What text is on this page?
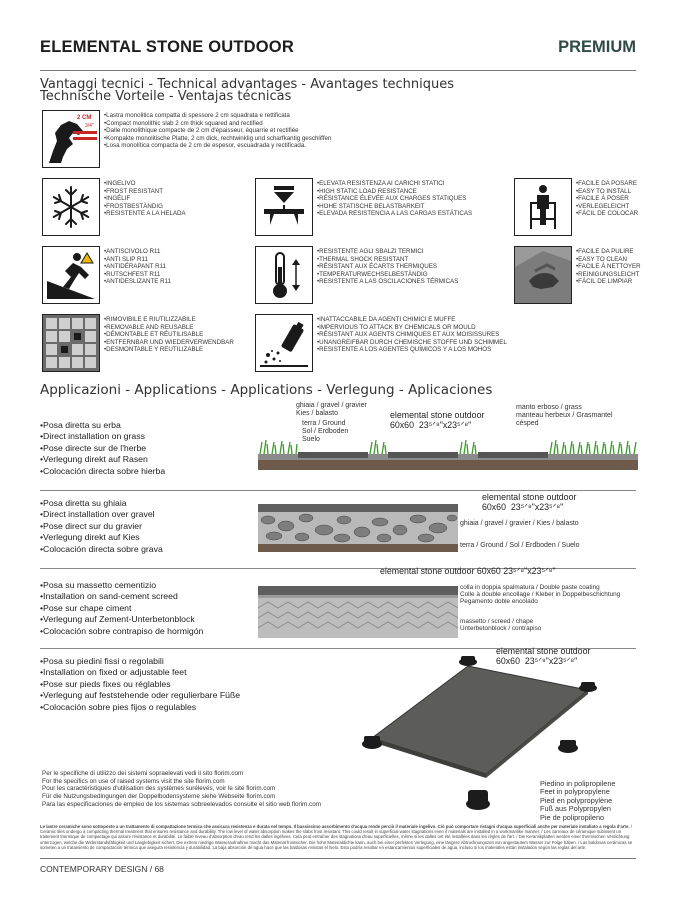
ELEMENTAL STONE OUTDOOR	PREMIUM
Vantaggi tecnici - Technical advantages - Avantages techniques
Technische Vorteile - Ventajas técnicas
2 CM
3/4"
• Lastra monolitica compatta di spessore 2 cm squadrata e rettificata
• Compact monolithic slab 2 cm thick squared and rectified
• Dalle monolithique compacte de 2 cm d'épaisseur, équarrie et rectifiée
• Kompakte monolitische Platte, 2 cm dick, rechtwinklig und scharfkantig geschliffen
• Losa monolítica compacta de 2 cm de espesor, escuadrada y rectificada.
• INGELIVO
• FROST RESISTANT
• INGÉLIF
• FROSTBESTÄNDIG
• RESISTENTE A LA HELADA
• ELEVATA RESISTENZA AI CARICHI STATICI
• HIGH STATIC LOAD RESISTANCE
• RÉSISTANCE ÉLEVÉE AUX CHARGES STATIQUES
• HOHE STATISCHE BELASTBARKEIT
• ELEVADA RESISTENCIA A LAS CARGAS ESTÁTICAS
• FACILE DA POSARE
• EASY TO INSTALL
• FACILE À POSER
• VERLEGELEICHT
• FÁCIL DE COLOCAR
• ANTISCIVOLO R11
• ANTI SLIP R11
• ANTIDÉRAPANT R11
• RUTSCHFEST R11
• ANTIDESLIZANTE R11
• RESISTENTE AGLI SBALZI TERMICI
• THERMAL SHOCK RESISTANT
• RÉSISTANT AUX ÉCARTS THERMIQUES
• TEMPERATURWECHSELBESTÄNDIG
• RESISTENTE A LAS OSCILACIONES TÉRMICAS
• FACILE DA PULIRE
• EASY TO CLEAN
• FACILE À NETTOYER
• REINIGUNGSLEICHT
• FÁCIL DE LIMPIAR
• RIMOVIBILE E RIUTILIZZABILE
• REMOVABLE AND REUSABLE
• DÉMONTABLE ET RÉUTILISABLE
• ENTFERNBAR UND WIEDERVERWENDBAR
• DESMONTABLE Y REUTILIZABLE
• INATTACCABILE DA AGENTI CHIMICI E MUFFE
• IMPERVIOUS TO ATTACK BY CHEMICALS OR MOULD
• RÉSISTANT AUX AGENTS CHIMIQUES ET AUX MOISISSURES
• UNANGREIFBAR DURCH CHEMISCHE STOFFE UND SCHIMMEL
• RESISTENTE A LOS AGENTES QUÍMICOS Y A LOS MOHOS
Applicazioni - Applications - Applications - Verlegung - Aplicaciones
• Posa diretta su erba
• Direct installation on grass
• Pose directe sur de l'herbe
• Verlegung direkt auf Rasen
• Colocación directa sobre hierba
ghiaia / gravel / gravier
Kies / balasto
terra / Ground
Sol / Erdboden
Suelo
elemental stone outdoor
60x60 23⁵ᐟ⁸"x23⁵ᐟ⁸"
manto erboso / grass
manteau herbeux / Grasmantel
césped
• Posa diretta su ghiaia
• Direct installation over gravel
• Pose direct sur du gravier
• Verlegung direkt auf Kies
• Colocación directa sobre grava
elemental stone outdoor
60x60 23⁵ᐟ⁸"x23⁵ᐟ⁸"
ghiaia / gravel / gravier / Kies / balasto
terra / Ground / Sol / Erdboden / Suelo
• Posa su massetto cementizio
• Installation on sand-cement screed
• Pose sur chape ciment
• Verlegung auf Zement-Unterbetonblock
• Colocación sobre contrapiso de hormigón
elemental stone outdoor 60x60 23⁵ᐟ⁸"x23⁵ᐟ⁸"
colla in doppia spalmatura / Double paste coating
Colle à double encollage / Kleber in Doppelbeschichtung
Pegamento doble encolado
massetto / screed / chape
Unterbetonblock / contrapiso
• Posa su piedini fissi o regolabili
• Installation on fixed or adjustable feet
• Pose sur pieds fixes ou réglables
• Verlegung auf feststehende oder regulierbare Füße
• Colocación sobre pies fijos o regulables
elemental stone outdoor
60x60 23⁵ᐟ⁸"x23⁵ᐟ⁸"
Per le specifiche di utilizzo dei sistemi sopraelevati vedi il sito florim.com
For the specifics on use of raised systems visit the site florim.com
Pour les caractéristiques d'utilisation des systèmes surélevés, voir le site florim.com
Für die Nutzungsbedingungen der Doppelbodensysteme siehe Webseite florim.com
Para las especificaciones de empleo de los sistemas sobreelevados consulte el sitio web florim.com
Piedino in polipropilene
Feet in polypropylene
Pied en polypropylène
Fuß aus Polypropylen
Pie de polipropileno
Le lastre ceramiche sono sottoposte a un trattamento di compattazione termica che assicura resistenza e durata nel tempo. Il bassissimo assorbimento d'acqua rende perciò il materiale ingelivo. Ciò può comportare ristagni d'acqua superficiali anche per materiale installato a regola d'arte. / Ceramic tiles undergo a compacting thermal treatment that ensures resistance and durability. The low level of water absorption makes the slabs frost resistant. This could result in superficial water stagnations even if materials are installed in a workmanlike manner. / Les carreaux de céramique subissent un traitement thermique de compactage qui assure résistance et durabilité. Le faible niveau d'absorption d'eau rend les dalles ingélives. Cela peut entraîner des stagnations d'eau superficielles, même si les dalles ont été installées dans les règles de l'art. / Die Keramikplatten werden einer thermischen Verdichtung unterzogen, welche die Widerstandsfähigkeit und Langlebigkeit sichert. Die extrem niedrige Wasseraufnahme macht das Material frostsicher. Die hohe Materialdichte kann, auch bei einer perfekten Verlegung, eine längere Abtrocknungszeit von angestautem Wasser zur Folge haben. / Las baldosas cerámicas se someten a un tratamiento de compactación térmica que asegura resistencia y durabilidad. La baja absorción de agua hace que las baldosas resistan el hielo. Esto podría resultar en estancamientos superficiales de agua, incluso si los materiales están instalados según las reglas del arte.
CONTEMPORARY DESIGN / 68
